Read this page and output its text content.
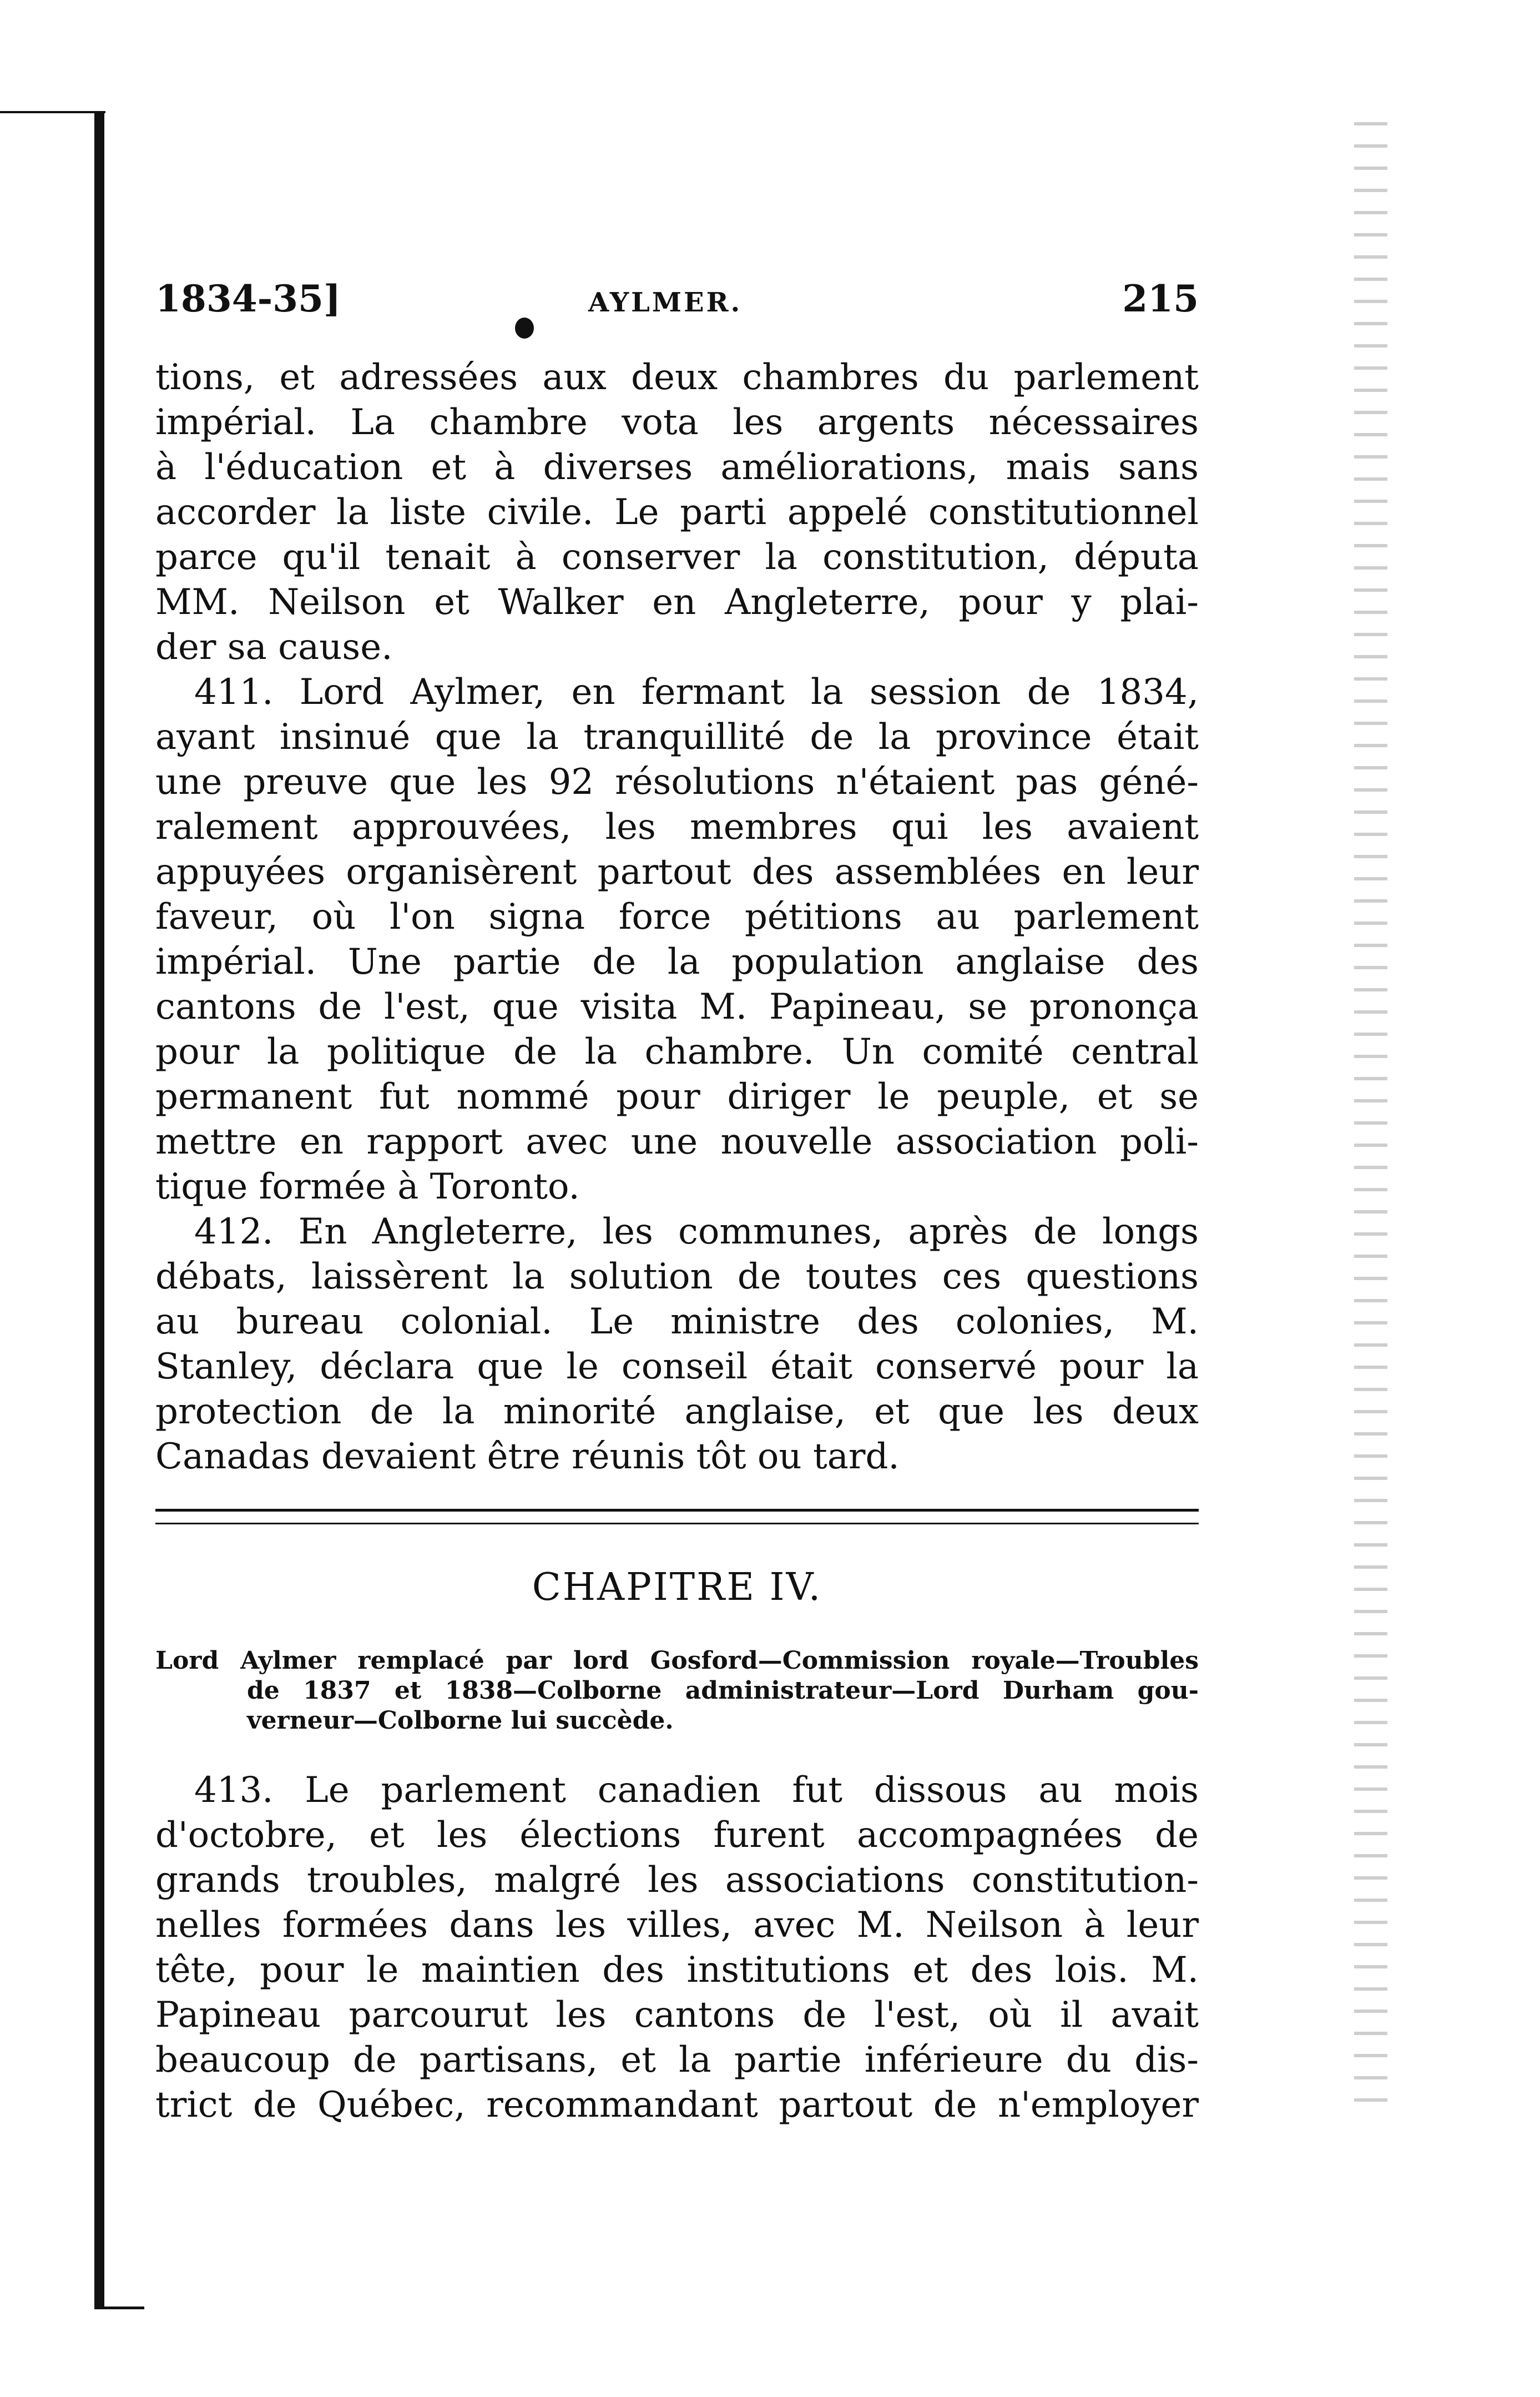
1834-35]	AYLMER.	215
tions, et adressées aux deux chambres du parlement
impérial. La chambre vota les argents nécessaires
à l'éducation et à diverses améliorations, mais sans
accorder la liste civile. Le parti appelé constitutionnel
parce qu'il tenait à conserver la constitution, députa
MM. Neilson et Walker en Angleterre, pour y plai-
der sa cause.
411. Lord Aylmer, en fermant la session de 1834,
ayant insinué que la tranquillité de la province était
une preuve que les 92 résolutions n'étaient pas géné-
ralement approuvées, les membres qui les avaient
appuyées organisèrent partout des assemblées en leur
faveur, où l'on signa force pétitions au parlement
impérial. Une partie de la population anglaise des
cantons de l'est, que visita M. Papineau, se prononça
pour la politique de la chambre. Un comité central
permanent fut nommé pour diriger le peuple, et se
mettre en rapport avec une nouvelle association poli-
tique formée à Toronto.
412. En Angleterre, les communes, après de longs
débats, laissèrent la solution de toutes ces questions
au bureau colonial. Le ministre des colonies, M.
Stanley, déclara que le conseil était conservé pour la
protection de la minorité anglaise, et que les deux
Canadas devaient être réunis tôt ou tard.
CHAPITRE IV.
Lord Aylmer remplacé par lord Gosford—Commission royale—Troubles
de 1837 et 1838—Colborne administrateur—Lord Durham gou-
verneur—Colborne lui succède.
413. Le parlement canadien fut dissous au mois
d'octobre, et les élections furent accompagnées de
grands troubles, malgré les associations constitution-
nelles formées dans les villes, avec M. Neilson à leur
tête, pour le maintien des institutions et des lois. M.
Papineau parcourut les cantons de l'est, où il avait
beaucoup de partisans, et la partie inférieure du dis-
trict de Québec, recommandant partout de n'employer
